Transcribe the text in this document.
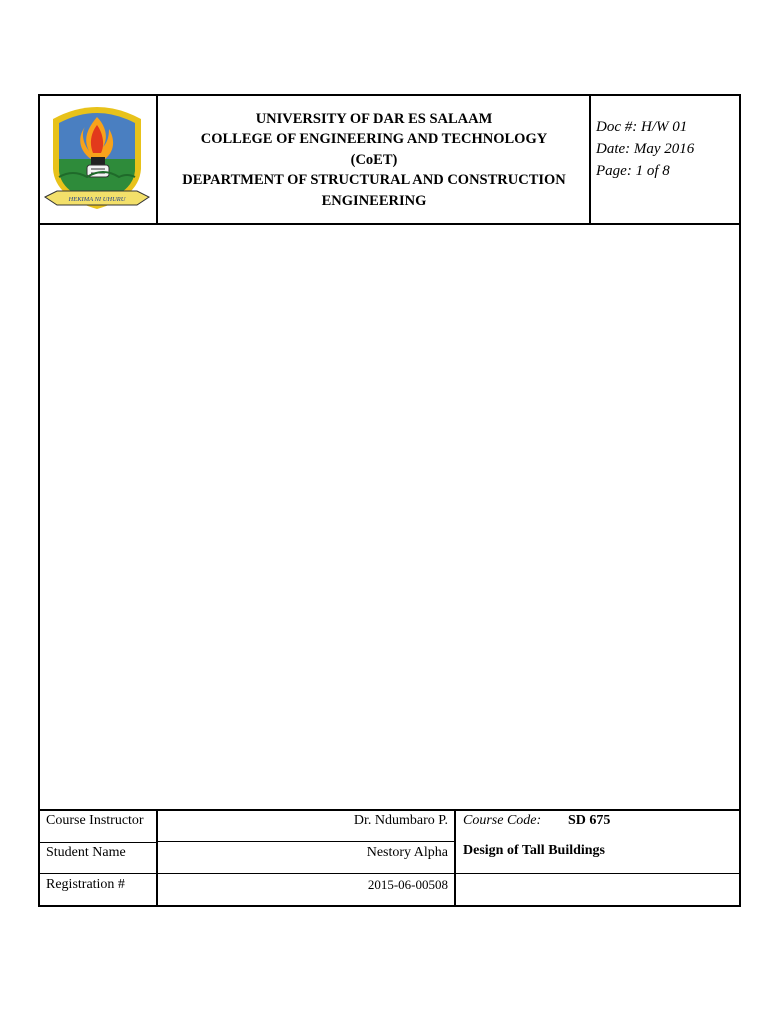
HEKIMA NI UHURU
UNIVERSITY OF DAR ES SALAAM
COLLEGE OF ENGINEERING AND TECHNOLOGY
(CoET)
DEPARTMENT OF STRUCTURAL AND CONSTRUCTION
ENGINEERING
Doc #: H/W 01
Date: May 2016
Page: 1 of 8
Course Instructor	Dr. Ndumbaro P.
Student Name	Nestory Alpha
Registration #	2015-06-00508
Course Code: SD 675
Design of Tall Buildings
